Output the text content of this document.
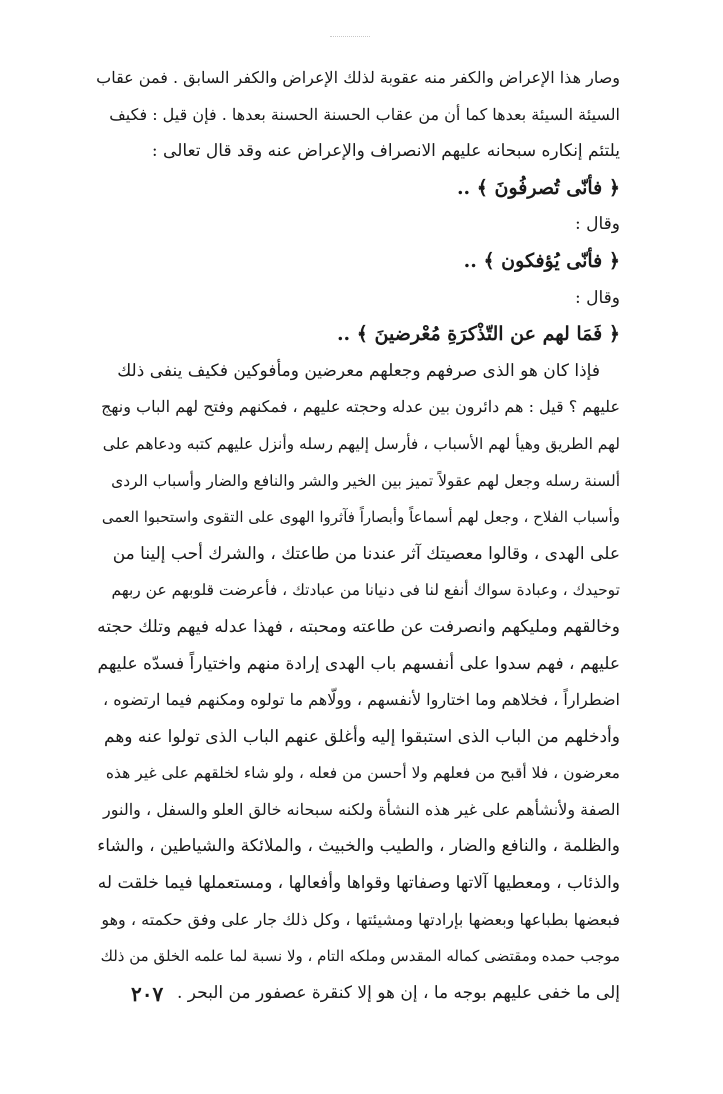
وصار هذا الإعراض والكفر منه عقوبة لذلك الإعراض والكفر السابق . فمن عقاب
السيئة السيئة بعدها كما أن من عقاب الحسنة الحسنة بعدها . فإن قيل : فكيف
يلتئم إنكاره سبحانه عليهم الانصراف والإعراض عنه وقد قال تعالى :
﴿ فأنّى تُصرفُونَ ﴾ ..
وقال :
﴿ فأنّى يُؤفكون ﴾ ..
وقال :
﴿ فَمَا لهم عن التّذْكرَةِ مُعْرضينَ ﴾ ..
فإذا كان هو الذى صرفهم وجعلهم معرضين ومأفوكين فكيف ينفى ذلك
عليهم ؟ قيل : هم دائرون بين عدله وحجته عليهم ، فمكنهم وفتح لهم الباب ونهج
لهم الطريق وهيأ لهم الأسباب ، فأرسل إليهم رسله وأنزل عليهم كتبه ودعاهم على
ألسنة رسله وجعل لهم عقولاً تميز بين الخير والشر والنافع والضار وأسباب الردى
وأسباب الفلاح ، وجعل لهم أسماعاً وأبصاراً فآثروا الهوى على التقوى واستحبوا العمى
على الهدى ، وقالوا معصيتك آثر عندنا من طاعتك ، والشرك أحب إلينا من
توحيدك ، وعبادة سواك أنفع لنا فى دنيانا من عبادتك ، فأعرضت قلوبهم عن ربهم
وخالقهم ومليكهم وانصرفت عن طاعته ومحبته ، فهذا عدله فيهم وتلك حجته
عليهم ، فهم سدوا على أنفسهم باب الهدى إرادة منهم واختياراً فسدّه عليهم
اضطراراً ، فخلاهم وما اختاروا لأنفسهم ، وولّاهم ما تولوه ومكنهم فيما ارتضوه ،
وأدخلهم من الباب الذى استبقوا إليه وأغلق عنهم الباب الذى تولوا عنه وهم
معرضون ، فلا أقبح من فعلهم ولا أحسن من فعله ، ولو شاء لخلقهم على غير هذه
الصفة ولأنشأهم على غير هذه النشأة ولكنه سبحانه خالق العلو والسفل ، والنور
والظلمة ، والنافع والضار ، والطيب والخبيث ، والملائكة والشياطين ، والشاء
والذئاب ، ومعطيها آلاتها وصفاتها وقواها وأفعالها ، ومستعملها فيما خلقت له
فبعضها بطباعها وبعضها بإرادتها ومشيئتها ، وكل ذلك جار على وفق حكمته ، وهو
موجب حمده ومقتضى كماله المقدس وملكه التام ، ولا نسبة لما علمه الخلق من ذلك
إلى ما خفى عليهم بوجه ما ، إن هو إلا كنقرة عصفور من البحر .
٢٠٧
